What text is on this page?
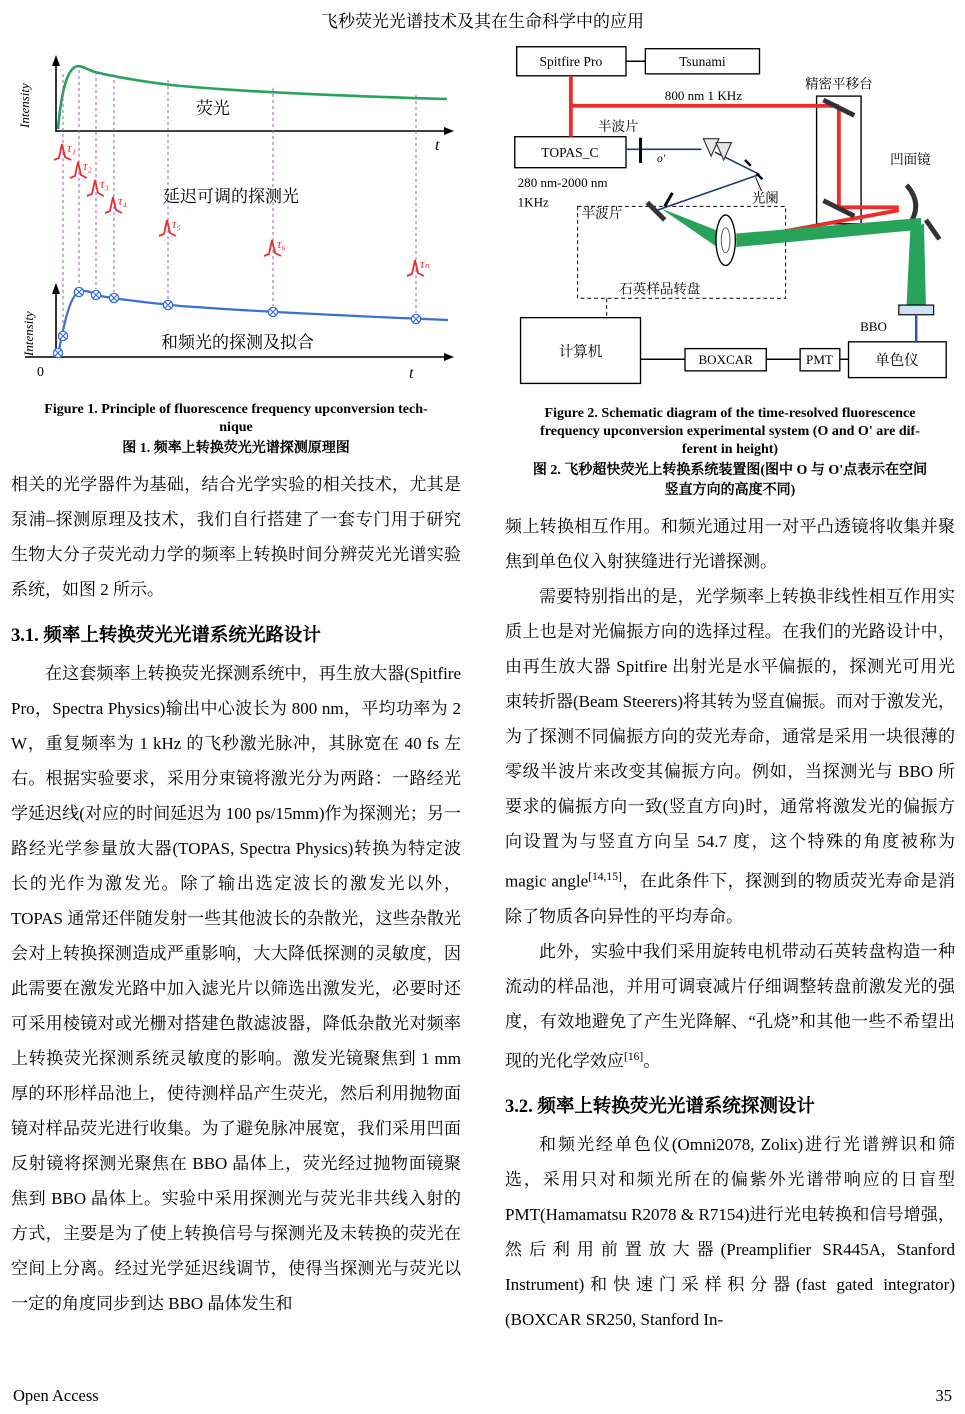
飞秒荧光光谱技术及其在生命科学中的应用
Intensity
t
荧光
τ₁
τ₂
τ₃
τ₄
τ₅
τ₆
τₙ
延迟可调的探测光
Intensity
0	t
和频光的探测及拟合
Figure 1. Principle of fluorescence frequency upconversion tech-
nique
图 1. 频率上转换荧光光谱探测原理图

相关的光学器件为基础，结合光学实验的相关技术，尤其是泵浦–探测原理及技术，我们自行搭建了一套专门用于研究生物大分子荧光动力学的频率上转换时间分辨荧光光谱实验系统，如图 2 所示。

3.1. 频率上转换荧光光谱系统光路设计

在这套频率上转换荧光探测系统中，再生放大器(Spitfire Pro，Spectra Physics)输出中心波长为 800 nm，平均功率为 2 W，重复频率为 1 kHz 的飞秒激光脉冲，其脉宽在 40 fs 左右。根据实验要求，采用分束镜将激光分为两路：一路经光学延迟线(对应的时间延迟为 100 ps/15mm)作为探测光；另一路经光学参量放大器(TOPAS, Spectra Physics)转换为特定波长的光作为激发光。除了输出选定波长的激发光以外，TOPAS 通常还伴随发射一些其他波长的杂散光，这些杂散光会对上转换探测造成严重影响，大大降低探测的灵敏度，因此需要在激发光路中加入滤光片以筛选出激发光，必要时还可采用棱镜对或光栅对搭建色散滤波器，降低杂散光对频率上转换荧光探测系统灵敏度的影响。激发光镜聚焦到 1 mm 厚的环形样品池上，使待测样品产生荧光，然后利用抛物面镜对样品荧光进行收集。为了避免脉冲展宽，我们采用凹面反射镜将探测光聚焦在 BBO 晶体上，荧光经过抛物面镜聚焦到 BBO 晶体上。实验中采用探测光与荧光非共线入射的方式，主要是为了使上转换信号与探测光及未转换的荧光在空间上分离。经过光学延迟线调节，使得当探测光与荧光以一定的角度同步到达 BBO 晶体发生和

Spitfire Pro	Tsunami
TOPAS_C
计算机	BOXCAR	PMT	单色仪
精密平移台
800 nm 1 KHz
半波片
凹面镜
280 nm-2000 nm
1KHz	光阑
半波片
石英样品转盘
BBO
o'
Figure 2. Schematic diagram of the time-resolved fluorescence
frequency upconversion experimental system (O and O' are dif-
ferent in height)
图 2. 飞秒超快荧光上转换系统装置图(图中 O 与 O'点表示在空间
竖直方向的高度不同)

频上转换相互作用。和频光通过用一对平凸透镜将收集并聚焦到单色仪入射狭缝进行光谱探测。

需要特别指出的是，光学频率上转换非线性相互作用实质上也是对光偏振方向的选择过程。在我们的光路设计中，由再生放大器 Spitfire 出射光是水平偏振的，探测光可用光束转折器(Beam Steerers)将其转为竖直偏振。而对于激发光，为了探测不同偏振方向的荧光寿命，通常是采用一块很薄的零级半波片来改变其偏振方向。例如，当探测光与 BBO 所要求的偏振方向一致(竖直方向)时，通常将激发光的偏振方向设置为与竖直方向呈 54.7 度，这个特殊的角度被称为 magic angle[14,15]，在此条件下，探测到的物质荧光寿命是消除了物质各向异性的平均寿命。

此外，实验中我们采用旋转电机带动石英转盘构造一种流动的样品池，并用可调衰减片仔细调整转盘前激发光的强度，有效地避免了产生光降解、“孔烧”和其他一些不希望出现的光化学效应[16]。

3.2. 频率上转换荧光光谱系统探测设计

和频光经单色仪(Omni2078, Zolix)进行光谱辨识和筛选，采用只对和频光所在的偏紫外光谱带响应的日盲型 PMT(Hamamatsu R2078 & R7154)进行光电转换和信号增强，然后利用前置放大器(Preamplifier SR445A, Stanford Instrument)和快速门采样积分器(fast gated integrator)(BOXCAR SR250, Stanford In-

Open Access	35
